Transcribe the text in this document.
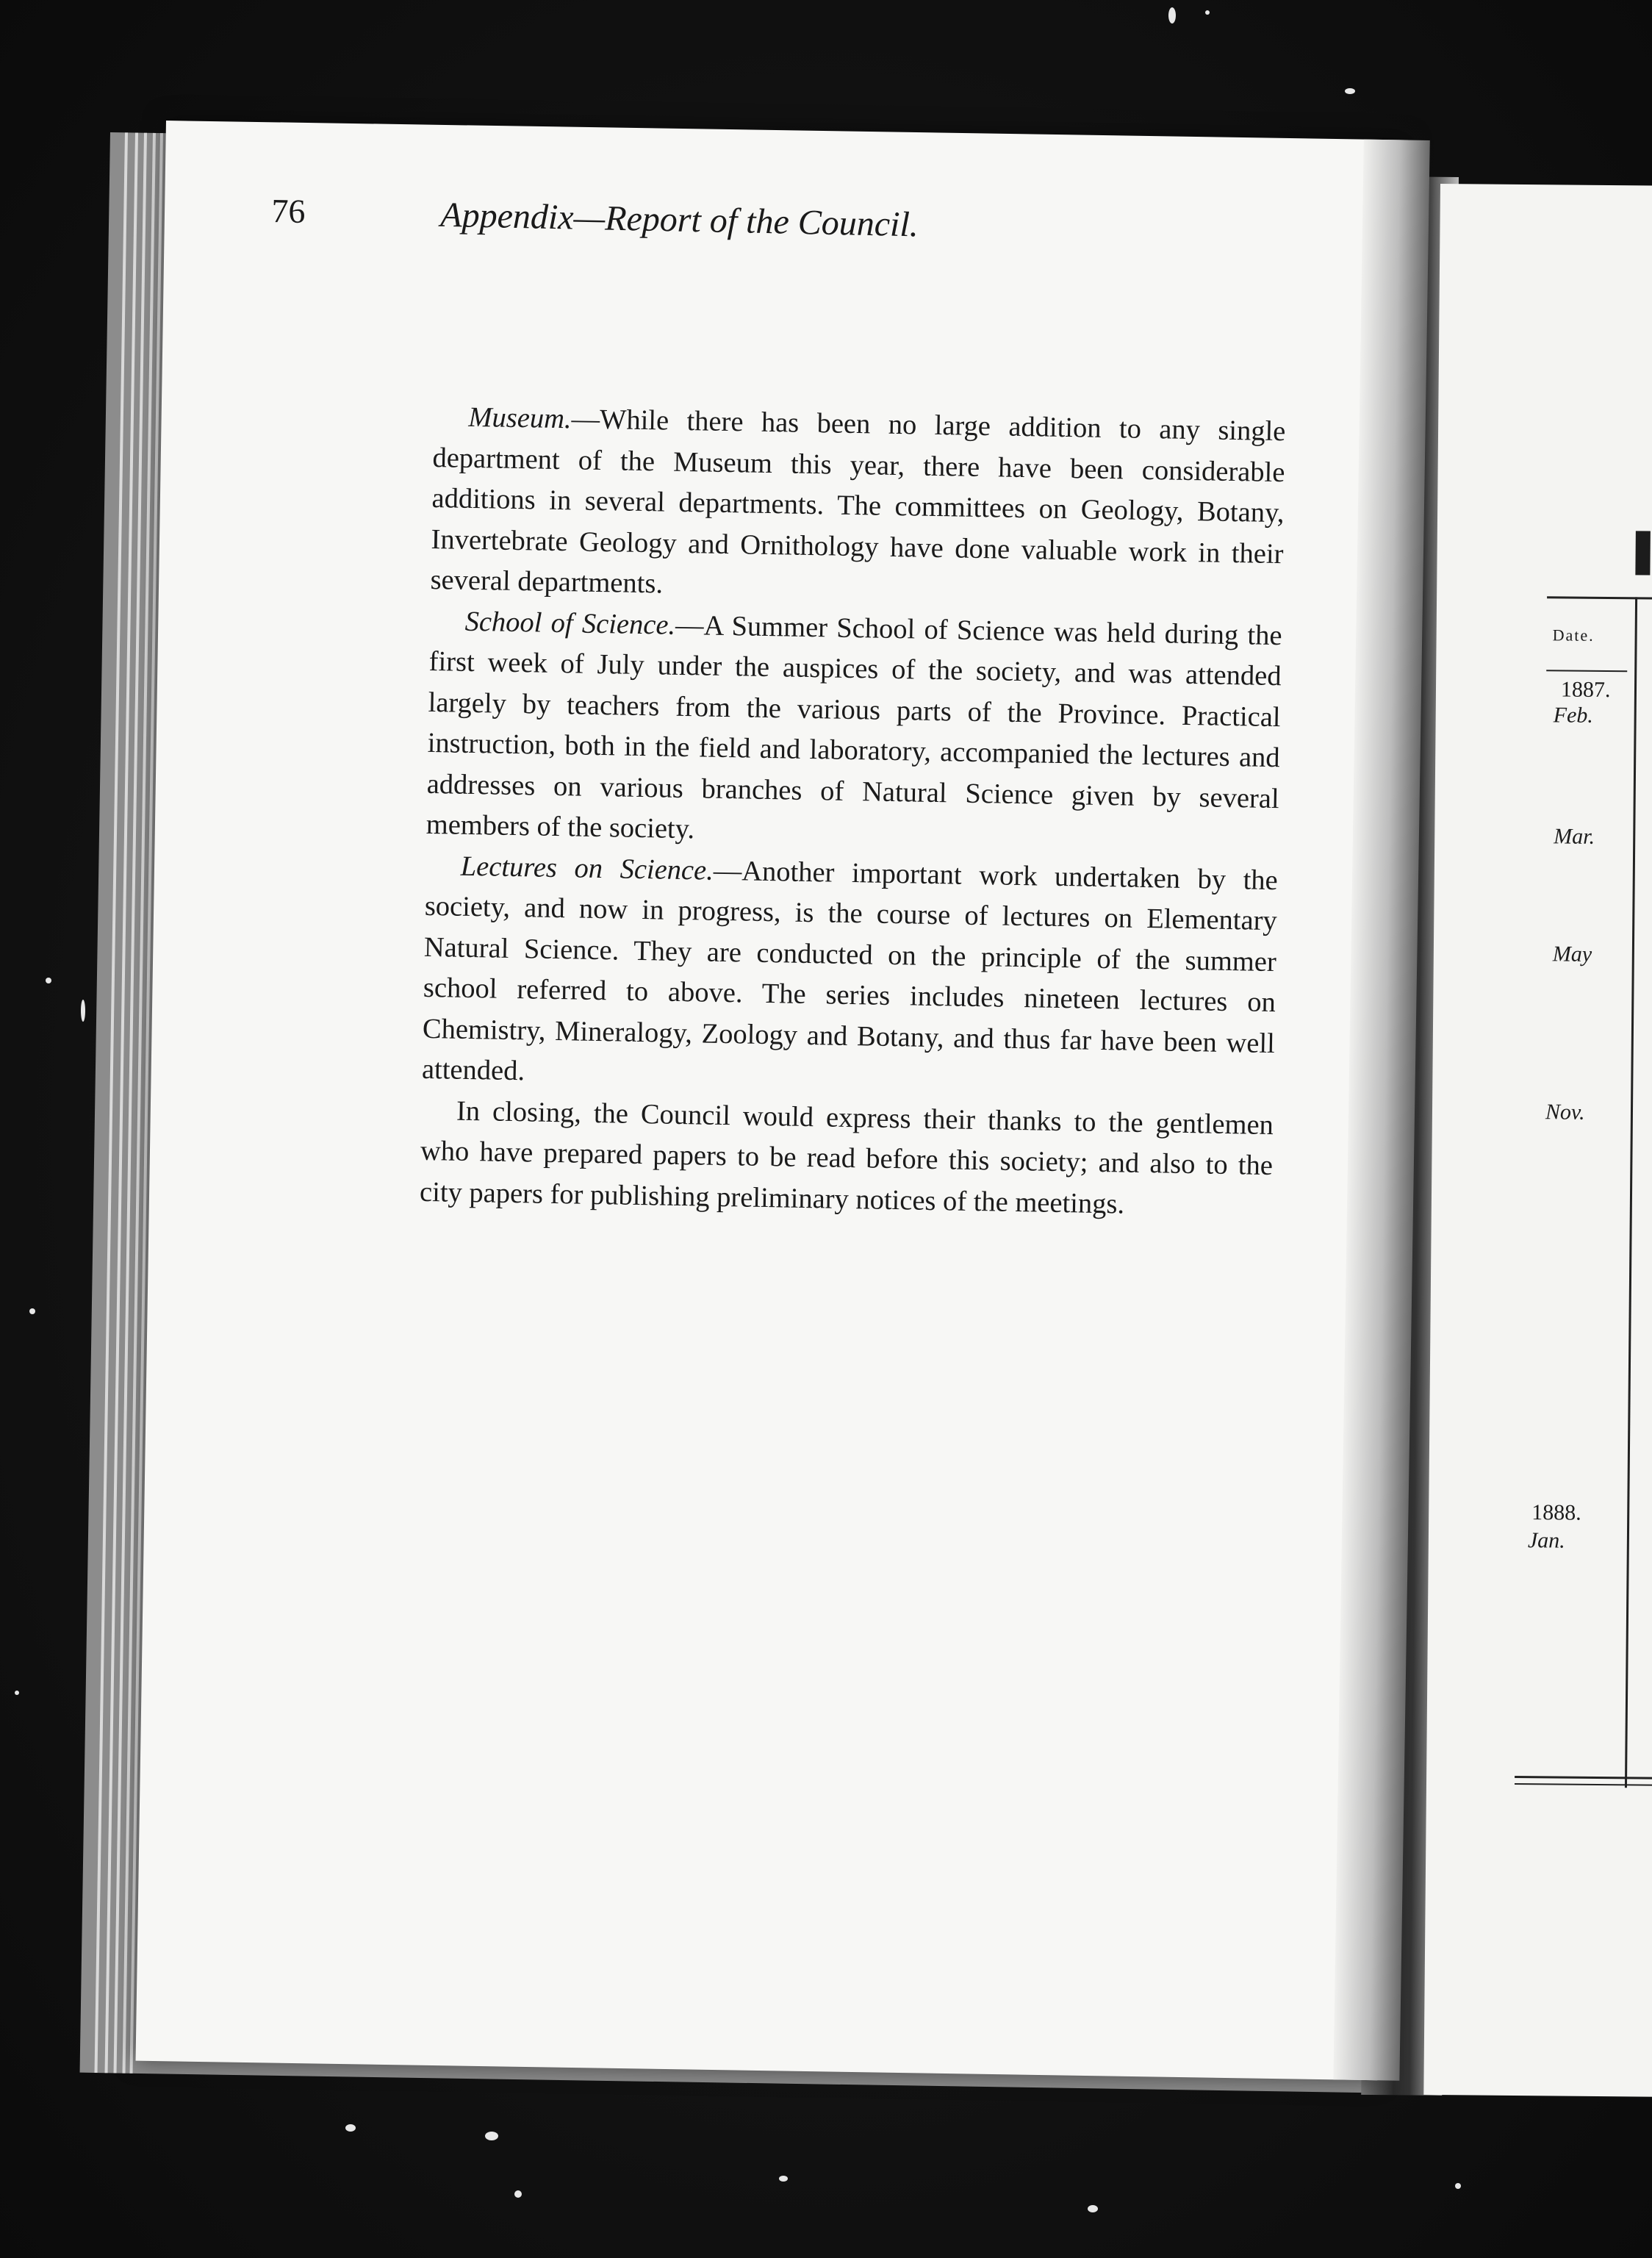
Date.
1887.
Feb.
Mar.
May
Nov.
1888.
Jan.
76	Appendix—Report of the Council.

Museum.—While there has been no large addition to any single department of the Museum this year, there have been considerable additions in several departments. The committees on Geology, Botany, Invertebrate Geology and Ornithology have done valuable work in their several departments.

School of Science.—A Summer School of Science was held during the first week of July under the auspices of the society, and was attended largely by teachers from the various parts of the Province. Practical instruction, both in the field and laboratory, accompanied the lectures and addresses on various branches of Natural Science given by several members of the society.

Lectures on Science.—Another important work undertaken by the society, and now in progress, is the course of lectures on Elementary Natural Science. They are conducted on the principle of the summer school referred to above. The series includes nineteen lectures on Chemistry, Mineralogy, Zoology and Botany, and thus far have been well attended.

In closing, the Council would express their thanks to the gentlemen who have prepared papers to be read before this society; and also to the city papers for publishing preliminary notices of the meetings.
